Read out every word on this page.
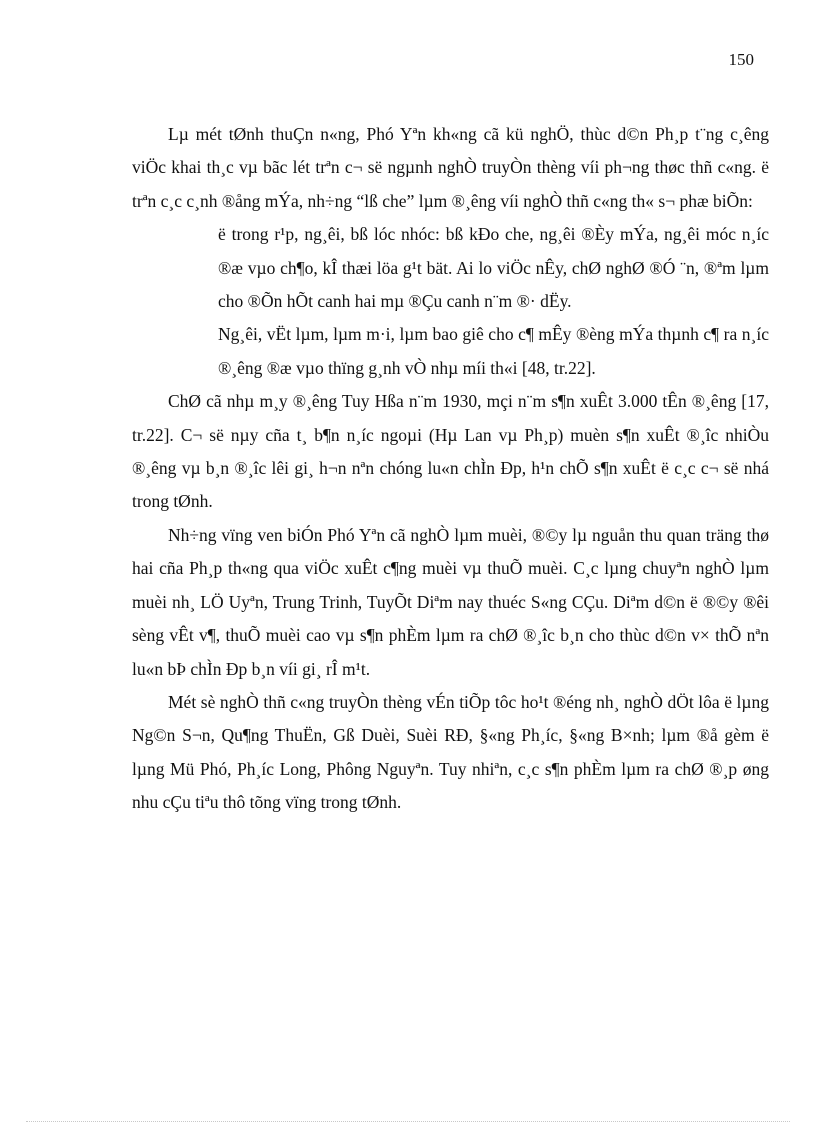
150

Lµ mét tØnh thuÇn n«ng, Phó Yªn kh«ng cã kü nghÖ, thùc d©n Ph¸p t¨ng c¸êng viÖc khai th¸c vµ bãc lét trªn c¬ së ngµnh nghÒ truyÒn thèng víi ph¬ng thøc thñ c«ng. ë trªn c¸c c¸nh ®ång mÝa, nh÷ng “lß che” lµm ®¸êng víi nghÒ thñ c«ng th« s¬ phæ biÕn:

ë trong r¹p, ng¸êi, bß lóc nhóc: bß kÐo che, ng¸êi ®Èy mÝa, ng¸êi móc n¸íc ®æ vµo ch¶o, kÎ thæi löa g¹t bät. Ai lo viÖc nÊy, chØ nghØ ®Ó ¨n, ®ªm lµm cho ®Õn hÕt canh hai mµ ®Çu canh n¨m ®· dËy.

Ng¸êi, vËt lµm, lµm m·i, lµm bao giê cho c¶ mÊy ®èng mÝa thµnh c¶ ra n¸íc ®¸êng ®æ vµo thïng g¸nh vÒ nhµ míi th«i [48, tr.22].

ChØ cã nhµ m¸y ®¸êng Tuy Hßa n¨m 1930, mçi n¨m s¶n xuÊt 3.000 tÊn ®¸êng [17, tr.22]. C¬ së nµy cña t¸ b¶n n¸íc ngoµi (Hµ Lan vµ Ph¸p) muèn s¶n xuÊt ®¸îc nhiÒu ®¸êng vµ b¸n ®¸îc lêi gi¸ h¬n nªn chóng lu«n chÌn Ðp, h¹n chÕ s¶n xuÊt ë c¸c c¬ së nhá trong tØnh.

Nh÷ng vïng ven biÓn Phó Yªn cã nghÒ lµm muèi, ®©y lµ nguån thu quan träng thø hai cña Ph¸p th«ng qua viÖc xuÊt c¶ng muèi vµ thuÕ muèi. C¸c lµng chuyªn nghÒ lµm muèi nh¸ LÖ Uyªn, Trung Trinh, TuyÕt Diªm nay thuéc S«ng CÇu. Diªm d©n ë ®©y ®êi sèng vÊt v¶, thuÕ muèi cao vµ s¶n phÈm lµm ra chØ ®¸îc b¸n cho thùc d©n v× thÕ nªn lu«n bÞ chÌn Ðp b¸n víi gi¸ rÎ m¹t.

Mét sè nghÒ thñ c«ng truyÒn thèng vÉn tiÕp tôc ho¹t ®éng nh¸ nghÒ dÖt lôa ë lµng Ng©n S¬n, Qu¶ng ThuËn, Gß Duèi, Suèi RÐ, §«ng Ph¸íc, §«ng B×nh; lµm ®å gèm ë lµng Mü Phó, Ph¸íc Long, Phông Nguyªn. Tuy nhiªn, c¸c s¶n phÈm lµm ra chØ ®¸p øng nhu cÇu tiªu thô tõng vïng trong tØnh.
